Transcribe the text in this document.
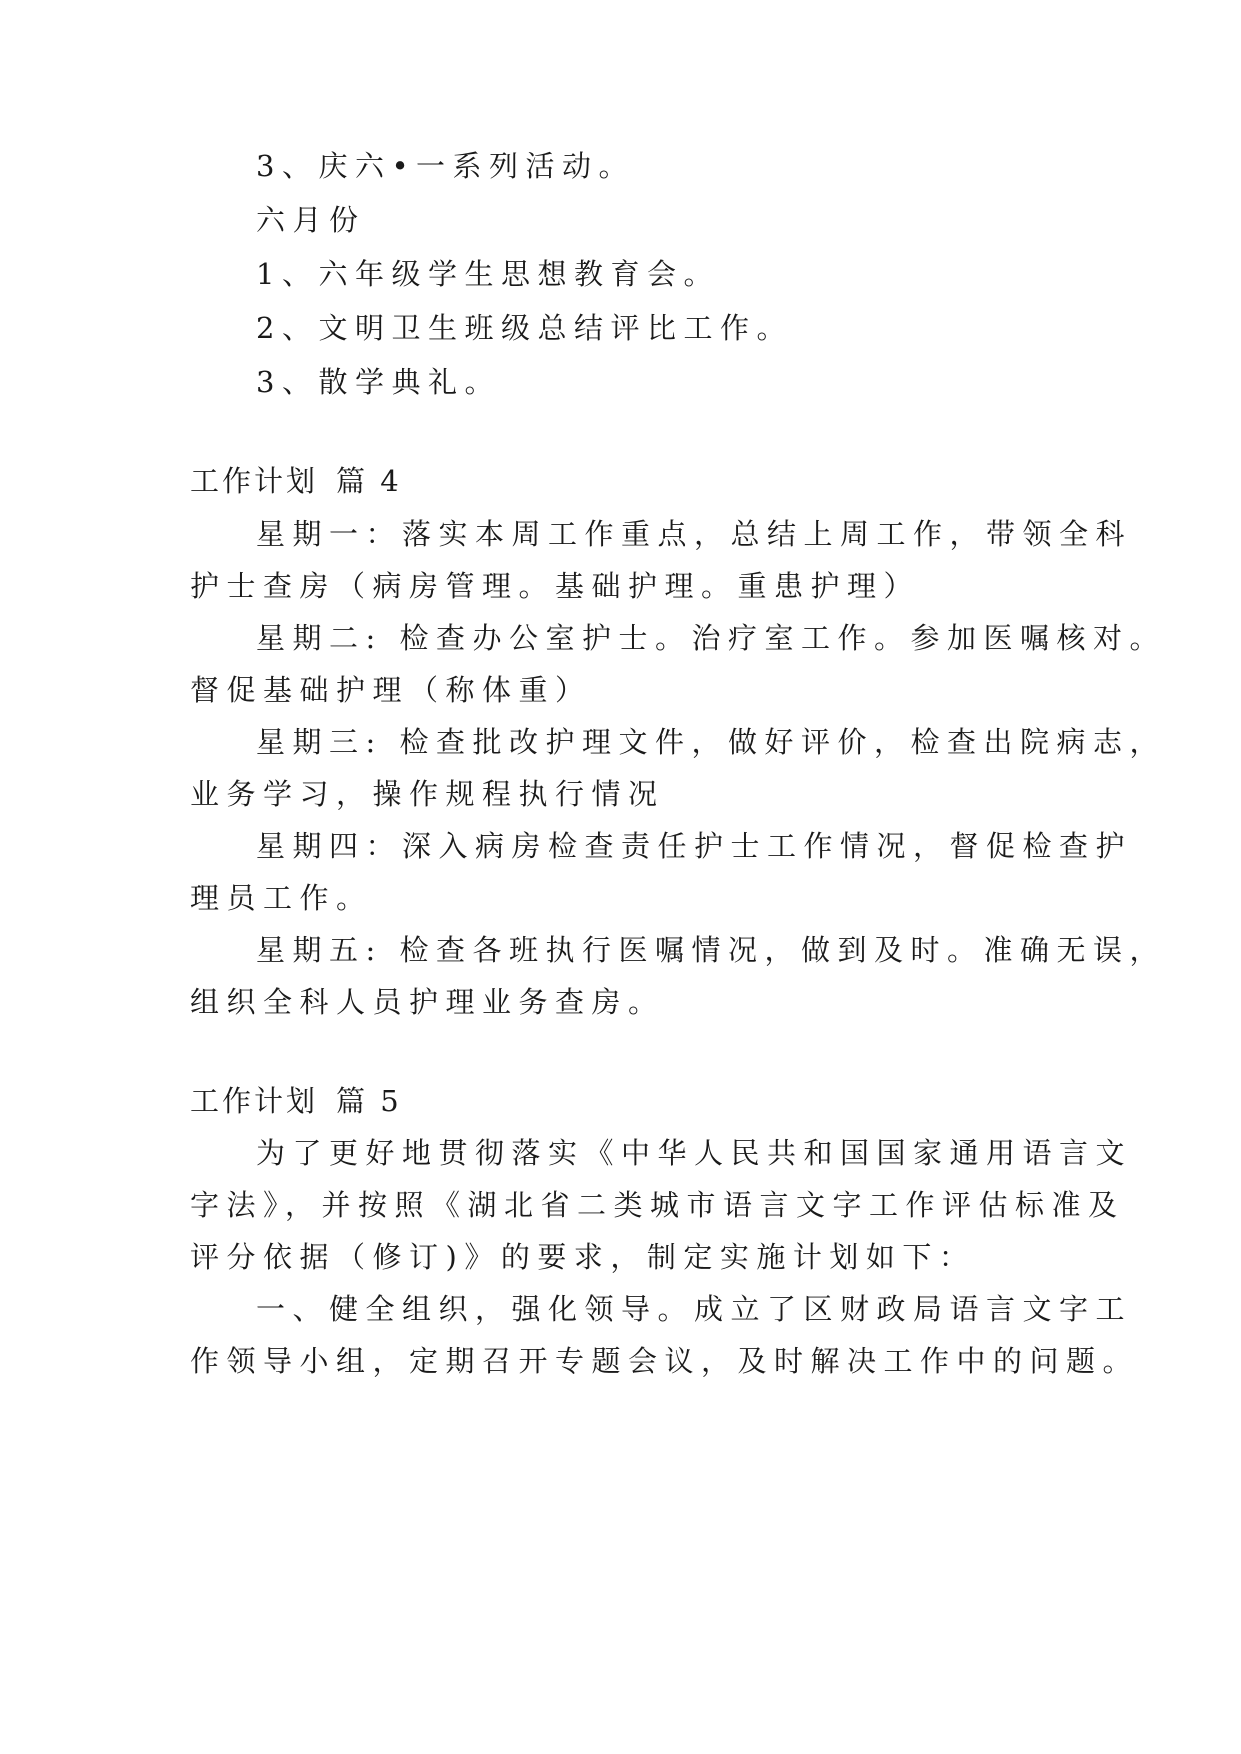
3、庆六•一系列活动。
六月份
1、六年级学生思想教育会。
2、文明卫生班级总结评比工作。
3、散学典礼。
工作计划 篇 4
星期一：落实本周工作重点，总结上周工作，带领全科
护士查房（病房管理。基础护理。重患护理）
星期二: 检查办公室护士。治疗室工作。参加医嘱核对。
督促基础护理（称体重）
星期三: 检查批改护理文件，做好评价，检查出院病志，
业务学习，操作规程执行情况
星期四：深入病房检查责任护士工作情况，督促检查护
理员工作。
星期五: 检查各班执行医嘱情况，做到及时。准确无误，
组织全科人员护理业务查房。
工作计划 篇 5
为了更好地贯彻落实《中华人民共和国国家通用语言文
字法》，并按照《湖北省二类城市语言文字工作评估标准及
评分依据（修订)》的要求，制定实施计划如下：
一、健全组织，强化领导。成立了区财政局语言文字工
作领导小组，定期召开专题会议，及时解决工作中的问题。
